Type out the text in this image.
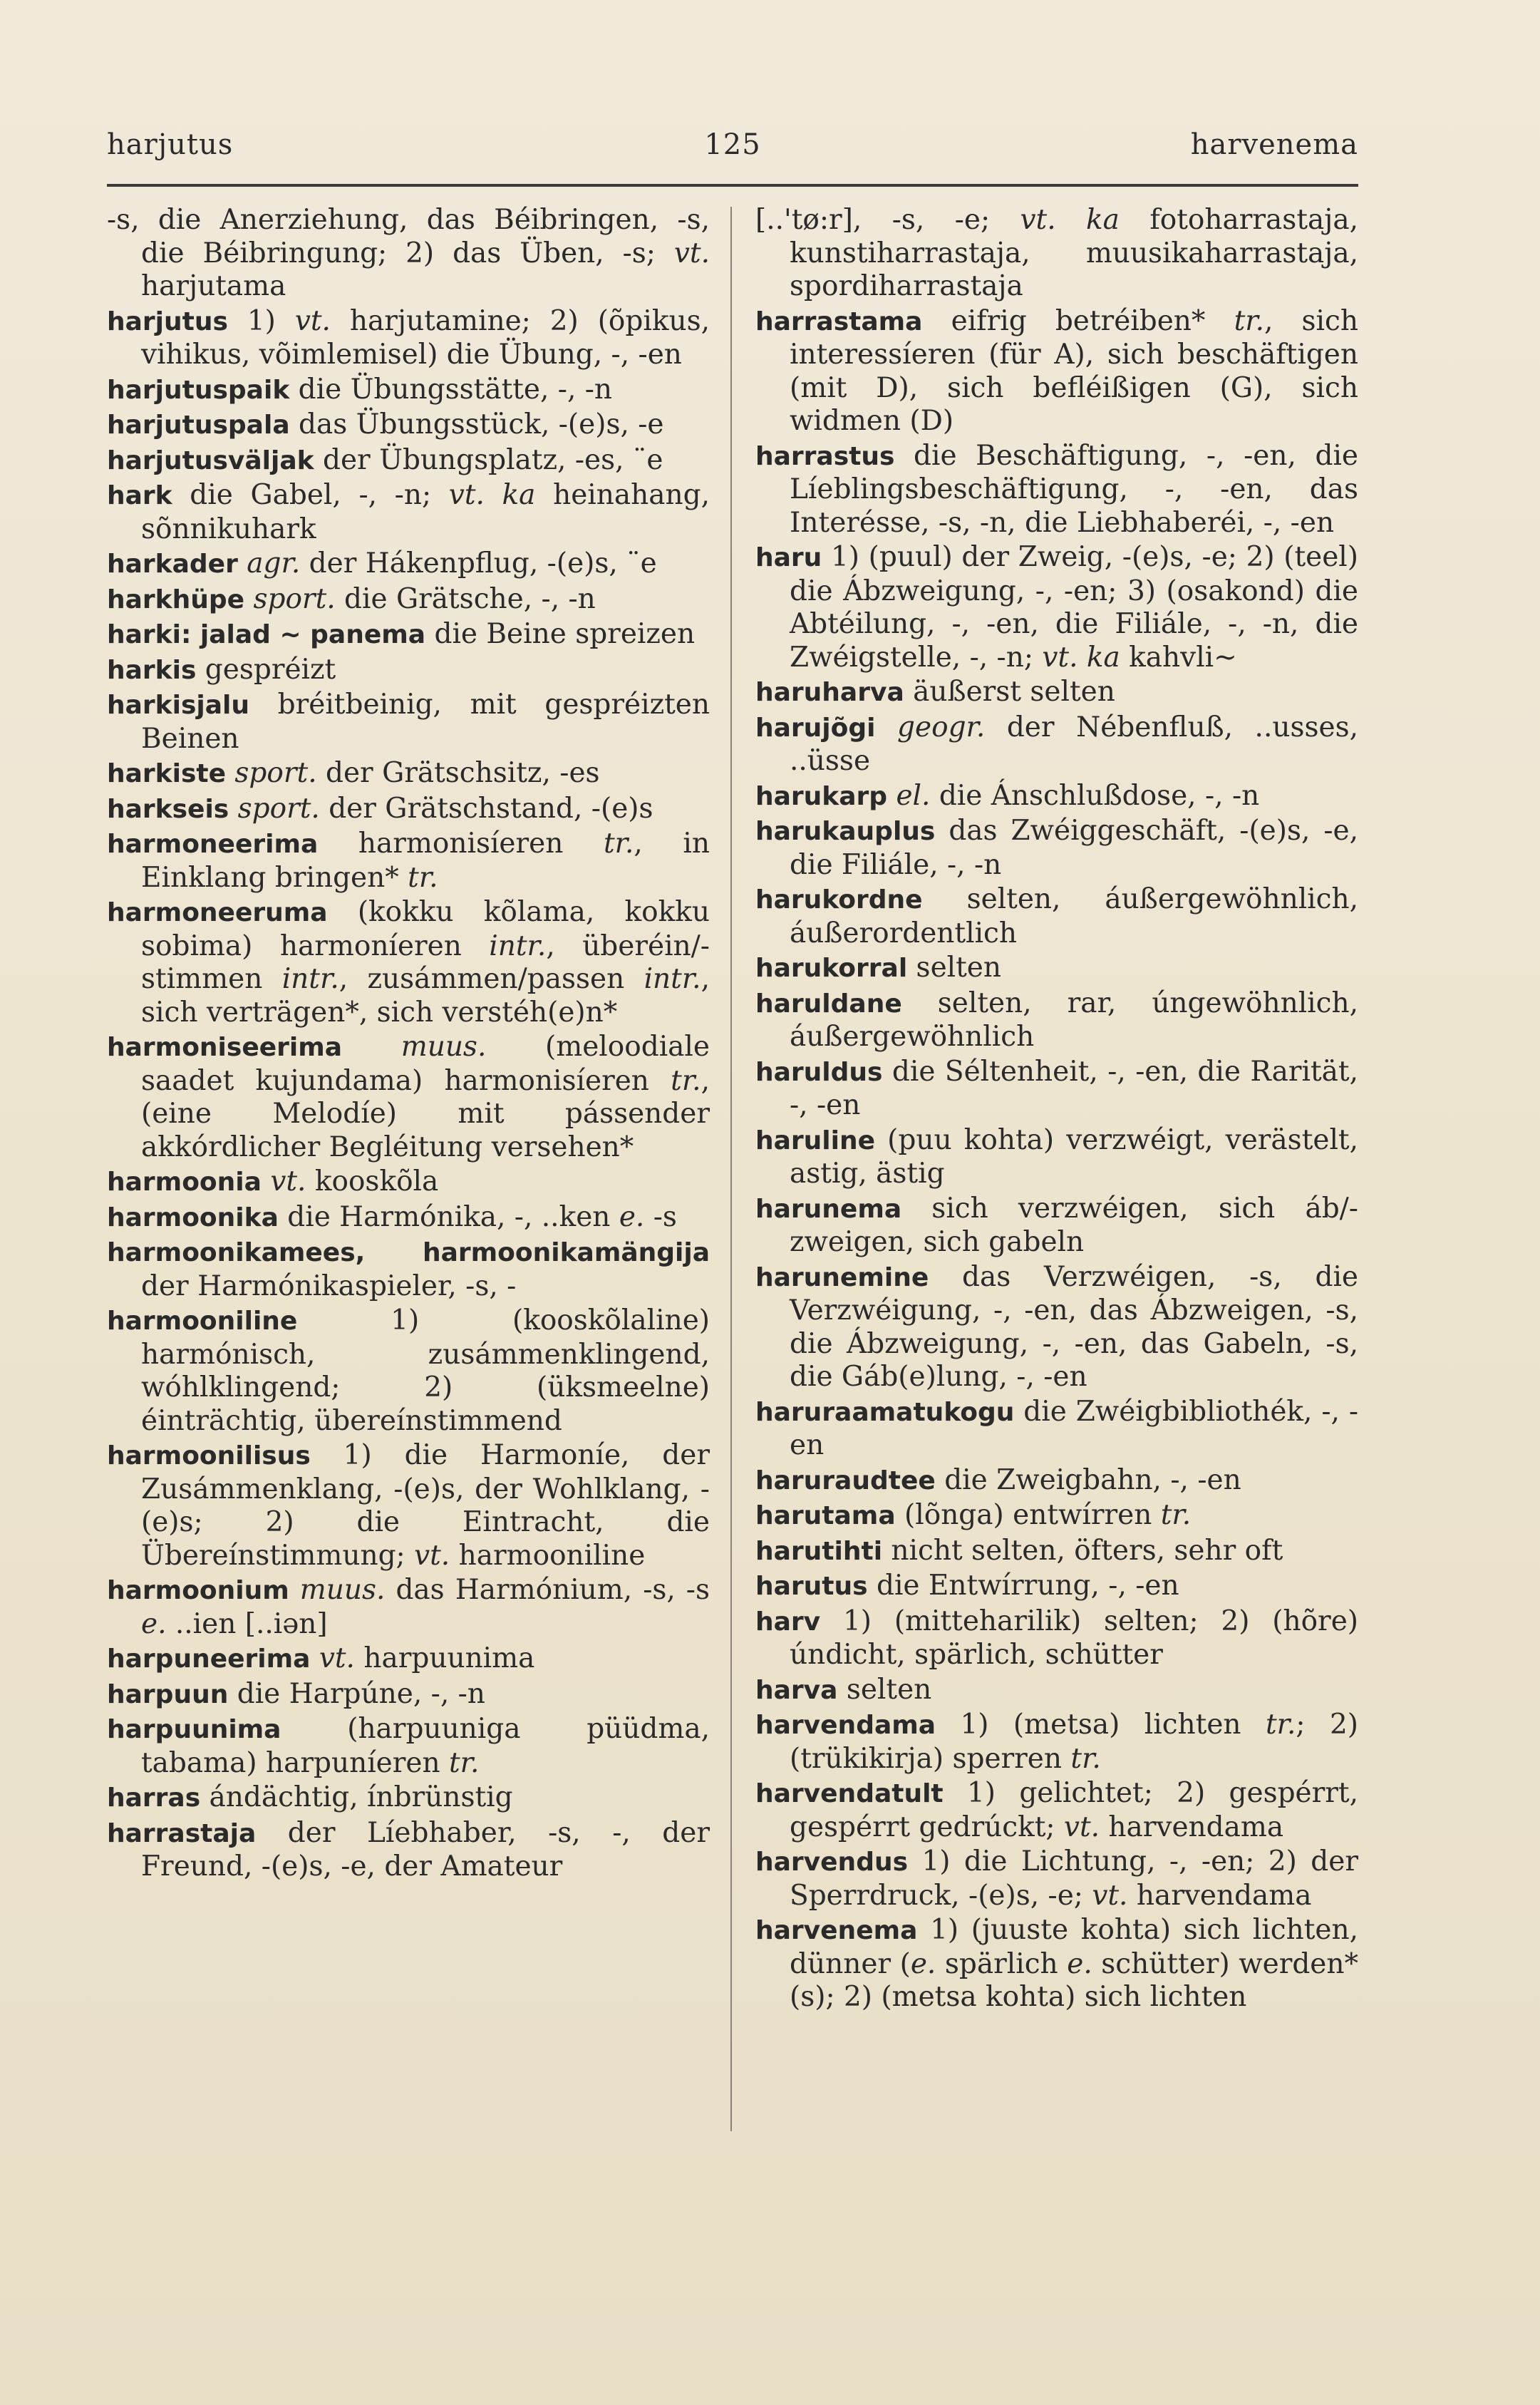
harjutus	125	harvenema
-s, die Anerziehung, das Béibringen, -s, die Béibringung; 2) das Üben, -s; vt. harjutama
harjutus 1) vt. harjutamine; 2) (õpikus, vihikus, võimlemisel) die Übung, -, -en
harjutuspaik die Übungsstätte, -, -n
harjutuspala das Übungsstück, -(e)s, -e
harjutusväljak der Übungsplatz, -es, ¨e
hark die Gabel, -, -n; vt. ka heinahang, sõnnikuhark
harkader agr. der Hákenpflug, -(e)s, ¨e
harkhüpe sport. die Grätsche, -, -n
harki: jalad ~ panema die Beine spreizen
harkis gespréizt
harkisjalu bréitbeinig, mit gespréizten Beinen
harkiste sport. der Grätschsitz, -es
harkseis sport. der Grätschstand, -(e)s
harmoneerima harmonisíeren tr., in Einklang bringen* tr.
harmoneeruma (kokku kõlama, kokku sobima) harmoníeren intr., überéin/-stimmen intr., zusámmen/passen intr., sich verträgen*, sich verstéh(e)n*
harmoniseerima muus. (meloodiale saadet kujundama) harmonisíeren tr., (eine Melodíe) mit pássender akkórdlicher Begléitung versehen*
harmoonia vt. kooskõla
harmoonika die Harmónika, -, ..ken e. -s
harmoonikamees, harmoonikamängija der Harmónikaspieler, -s, -
harmooniline 1) (kooskõlaline) harmónisch, zusámmenklingend, wóhlklingend; 2) (üksmeelne) éinträchtig, übereínstimmend
harmoonilisus 1) die Harmoníe, der Zusámmenklang, -(e)s, der Wohlklang, -(e)s; 2) die Eintracht, die Übereínstimmung; vt. harmooniline
harmoonium muus. das Harmónium, -s, -s e. ..ien [..iən]
harpuneerima vt. harpuunima
harpuun die Harpúne, -, -n
harpuunima (harpuuniga püüdma, tabama) harpuníeren tr.
harras ándächtig, ínbrünstig
harrastaja der Líebhaber, -s, -, der Freund, -(e)s, -e, der Amateur
[..'tø:r], -s, -e; vt. ka fotoharrastaja, kunstiharrastaja, muusikaharrastaja, spordiharrastaja
harrastama eifrig betréiben* tr., sich interessíeren (für A), sich beschäftigen (mit D), sich befléißigen (G), sich widmen (D)
harrastus die Beschäftigung, -, -en, die Líeblingsbeschäftigung, -, -en, das Interésse, -s, -n, die Liebhaberéi, -, -en
haru 1) (puul) der Zweig, -(e)s, -e; 2) (teel) die Ábzweigung, -, -en; 3) (osakond) die Abtéilung, -, -en, die Filiále, -, -n, die Zwéigstelle, -, -n; vt. ka kahvli~
haruharva äußerst selten
harujõgi geogr. der Nébenfluß, ..usses, ..üsse
harukarp el. die Ánschlußdose, -, -n
harukauplus das Zwéiggeschäft, -(e)s, -e, die Filiále, -, -n
harukordne selten, áußergewöhnlich, áußerordentlich
harukorral selten
haruldane selten, rar, úngewöhnlich, áußergewöhnlich
haruldus die Séltenheit, -, -en, die Rarität, -, -en
haruline (puu kohta) verzwéigt, verästelt, astig, ästig
harunema sich verzwéigen, sich áb/-zweigen, sich gabeln
harunemine das Verzwéigen, -s, die Verzwéigung, -, -en, das Ábzweigen, -s, die Ábzweigung, -, -en, das Gabeln, -s, die Gáb(e)lung, -, -en
haruraamatukogu die Zwéigbibliothék, -, -en
haruraudtee die Zweigbahn, -, -en
harutama (lõnga) entwírren tr.
harutihti nicht selten, öfters, sehr oft
harutus die Entwírrung, -, -en
harv 1) (mitteharilik) selten; 2) (hõre) úndicht, spärlich, schütter
harva selten
harvendama 1) (metsa) lichten tr.; 2) (trükikirja) sperren tr.
harvendatult 1) gelichtet; 2) gespérrt, gespérrt gedrúckt; vt. harvendama
harvendus 1) die Lichtung, -, -en; 2) der Sperrdruck, -(e)s, -e; vt. harvendama
harvenema 1) (juuste kohta) sich lichten, dünner (e. spärlich e. schütter) werden* (s); 2) (metsa kohta) sich lichten
